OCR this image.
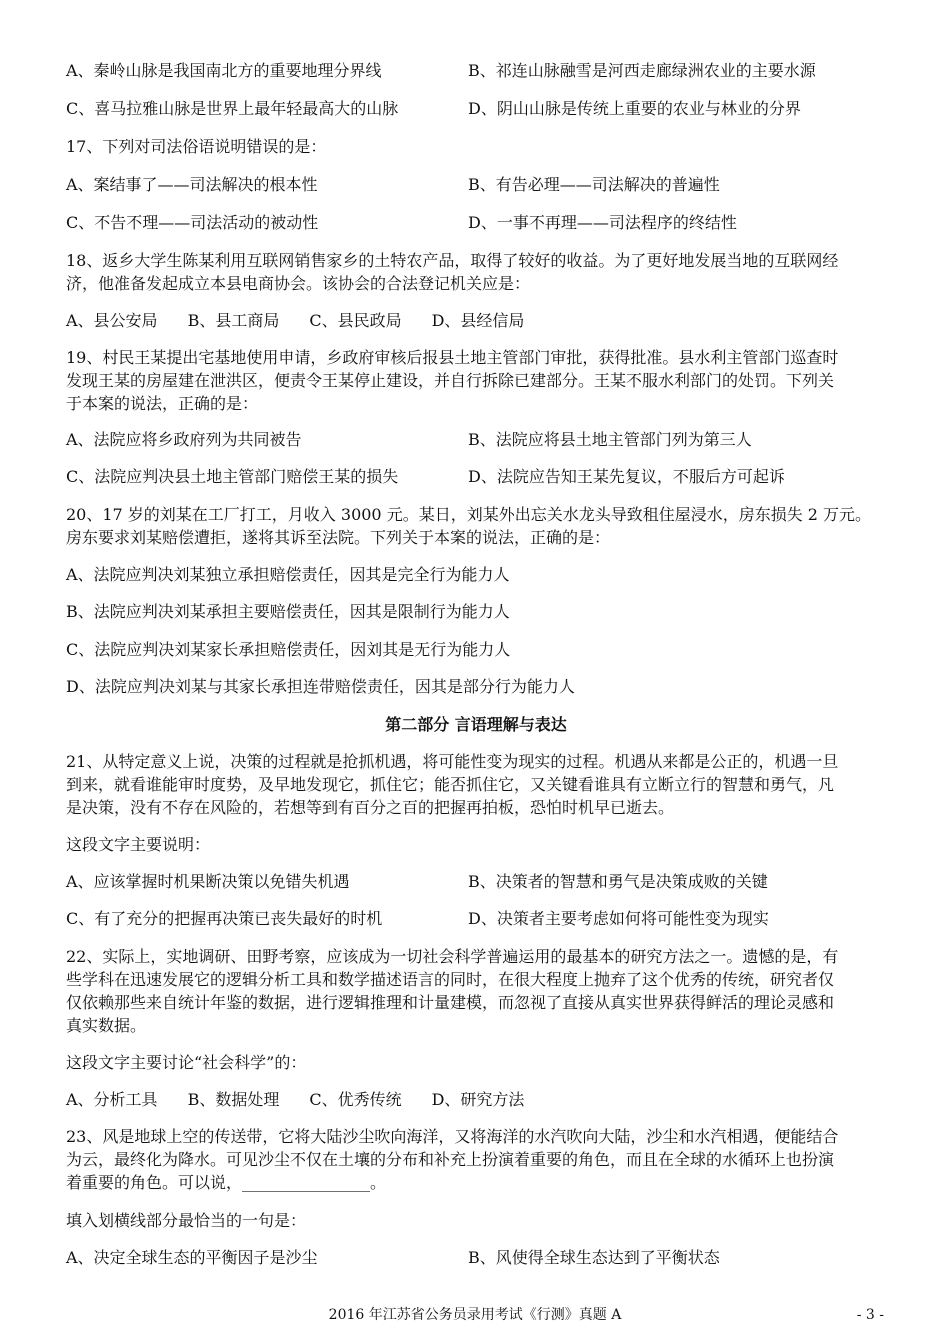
A、秦岭山脉是我国南北方的重要地理分界线	B、祁连山脉融雪是河西走廊绿洲农业的主要水源
C、喜马拉雅山脉是世界上最年轻最高大的山脉	D、阴山山脉是传统上重要的农业与林业的分界
17、下列对司法俗语说明错误的是：
A、案结事了——司法解决的根本性	B、有告必理——司法解决的普遍性
C、不告不理——司法活动的被动性	D、一事不再理——司法程序的终结性
18、返乡大学生陈某利用互联网销售家乡的土特农产品，取得了较好的收益。为了更好地发展当地的互联网经
济，他准备发起成立本县电商协会。该协会的合法登记机关应是：
A、县公安局 B、县工商局 C、县民政局 D、县经信局
19、村民王某提出宅基地使用申请，乡政府审核后报县土地主管部门审批，获得批准。县水利主管部门巡查时
发现王某的房屋建在泄洪区，便责令王某停止建设，并自行拆除已建部分。王某不服水利部门的处罚。下列关
于本案的说法，正确的是：
A、法院应将乡政府列为共同被告	B、法院应将县土地主管部门列为第三人
C、法院应判决县土地主管部门赔偿王某的损失	D、法院应告知王某先复议，不服后方可起诉
20、17 岁的刘某在工厂打工，月收入 3000 元。某日，刘某外出忘关水龙头导致租住屋浸水，房东损失 2 万元。
房东要求刘某赔偿遭拒，遂将其诉至法院。下列关于本案的说法，正确的是：
A、法院应判决刘某独立承担赔偿责任，因其是完全行为能力人
B、法院应判决刘某承担主要赔偿责任，因其是限制行为能力人
C、法院应判决刘某家长承担赔偿责任，因刘其是无行为能力人
D、法院应判决刘某与其家长承担连带赔偿责任，因其是部分行为能力人
第二部分 言语理解与表达
21、从特定意义上说，决策的过程就是抢抓机遇，将可能性变为现实的过程。机遇从来都是公正的，机遇一旦
到来，就看谁能审时度势，及早地发现它，抓住它；能否抓住它，又关键看谁具有立断立行的智慧和勇气，凡
是决策，没有不存在风险的，若想等到有百分之百的把握再拍板，恐怕时机早已逝去。
这段文字主要说明：
A、应该掌握时机果断决策以免错失机遇	B、决策者的智慧和勇气是决策成败的关键
C、有了充分的把握再决策已丧失最好的时机	D、决策者主要考虑如何将可能性变为现实
22、实际上，实地调研、田野考察，应该成为一切社会科学普遍运用的最基本的研究方法之一。遗憾的是，有
些学科在迅速发展它的逻辑分析工具和数学描述语言的同时，在很大程度上抛弃了这个优秀的传统，研究者仅
仅依赖那些来自统计年鉴的数据，进行逻辑推理和计量建模，而忽视了直接从真实世界获得鲜活的理论灵感和
真实数据。
这段文字主要讨论“社会科学”的：
A、分析工具 B、数据处理 C、优秀传统 D、研究方法
23、风是地球上空的传送带，它将大陆沙尘吹向海洋，又将海洋的水汽吹向大陆，沙尘和水汽相遇，便能结合
为云，最终化为降水。可见沙尘不仅在土壤的分布和补充上扮演着重要的角色，而且在全球的水循环上也扮演
着重要的角色。可以说，________________。
填入划横线部分最恰当的一句是：
A、决定全球生态的平衡因子是沙尘	B、风使得全球生态达到了平衡状态
2016 年江苏省公务员录用考试《行测》真题 A	- 3 -
